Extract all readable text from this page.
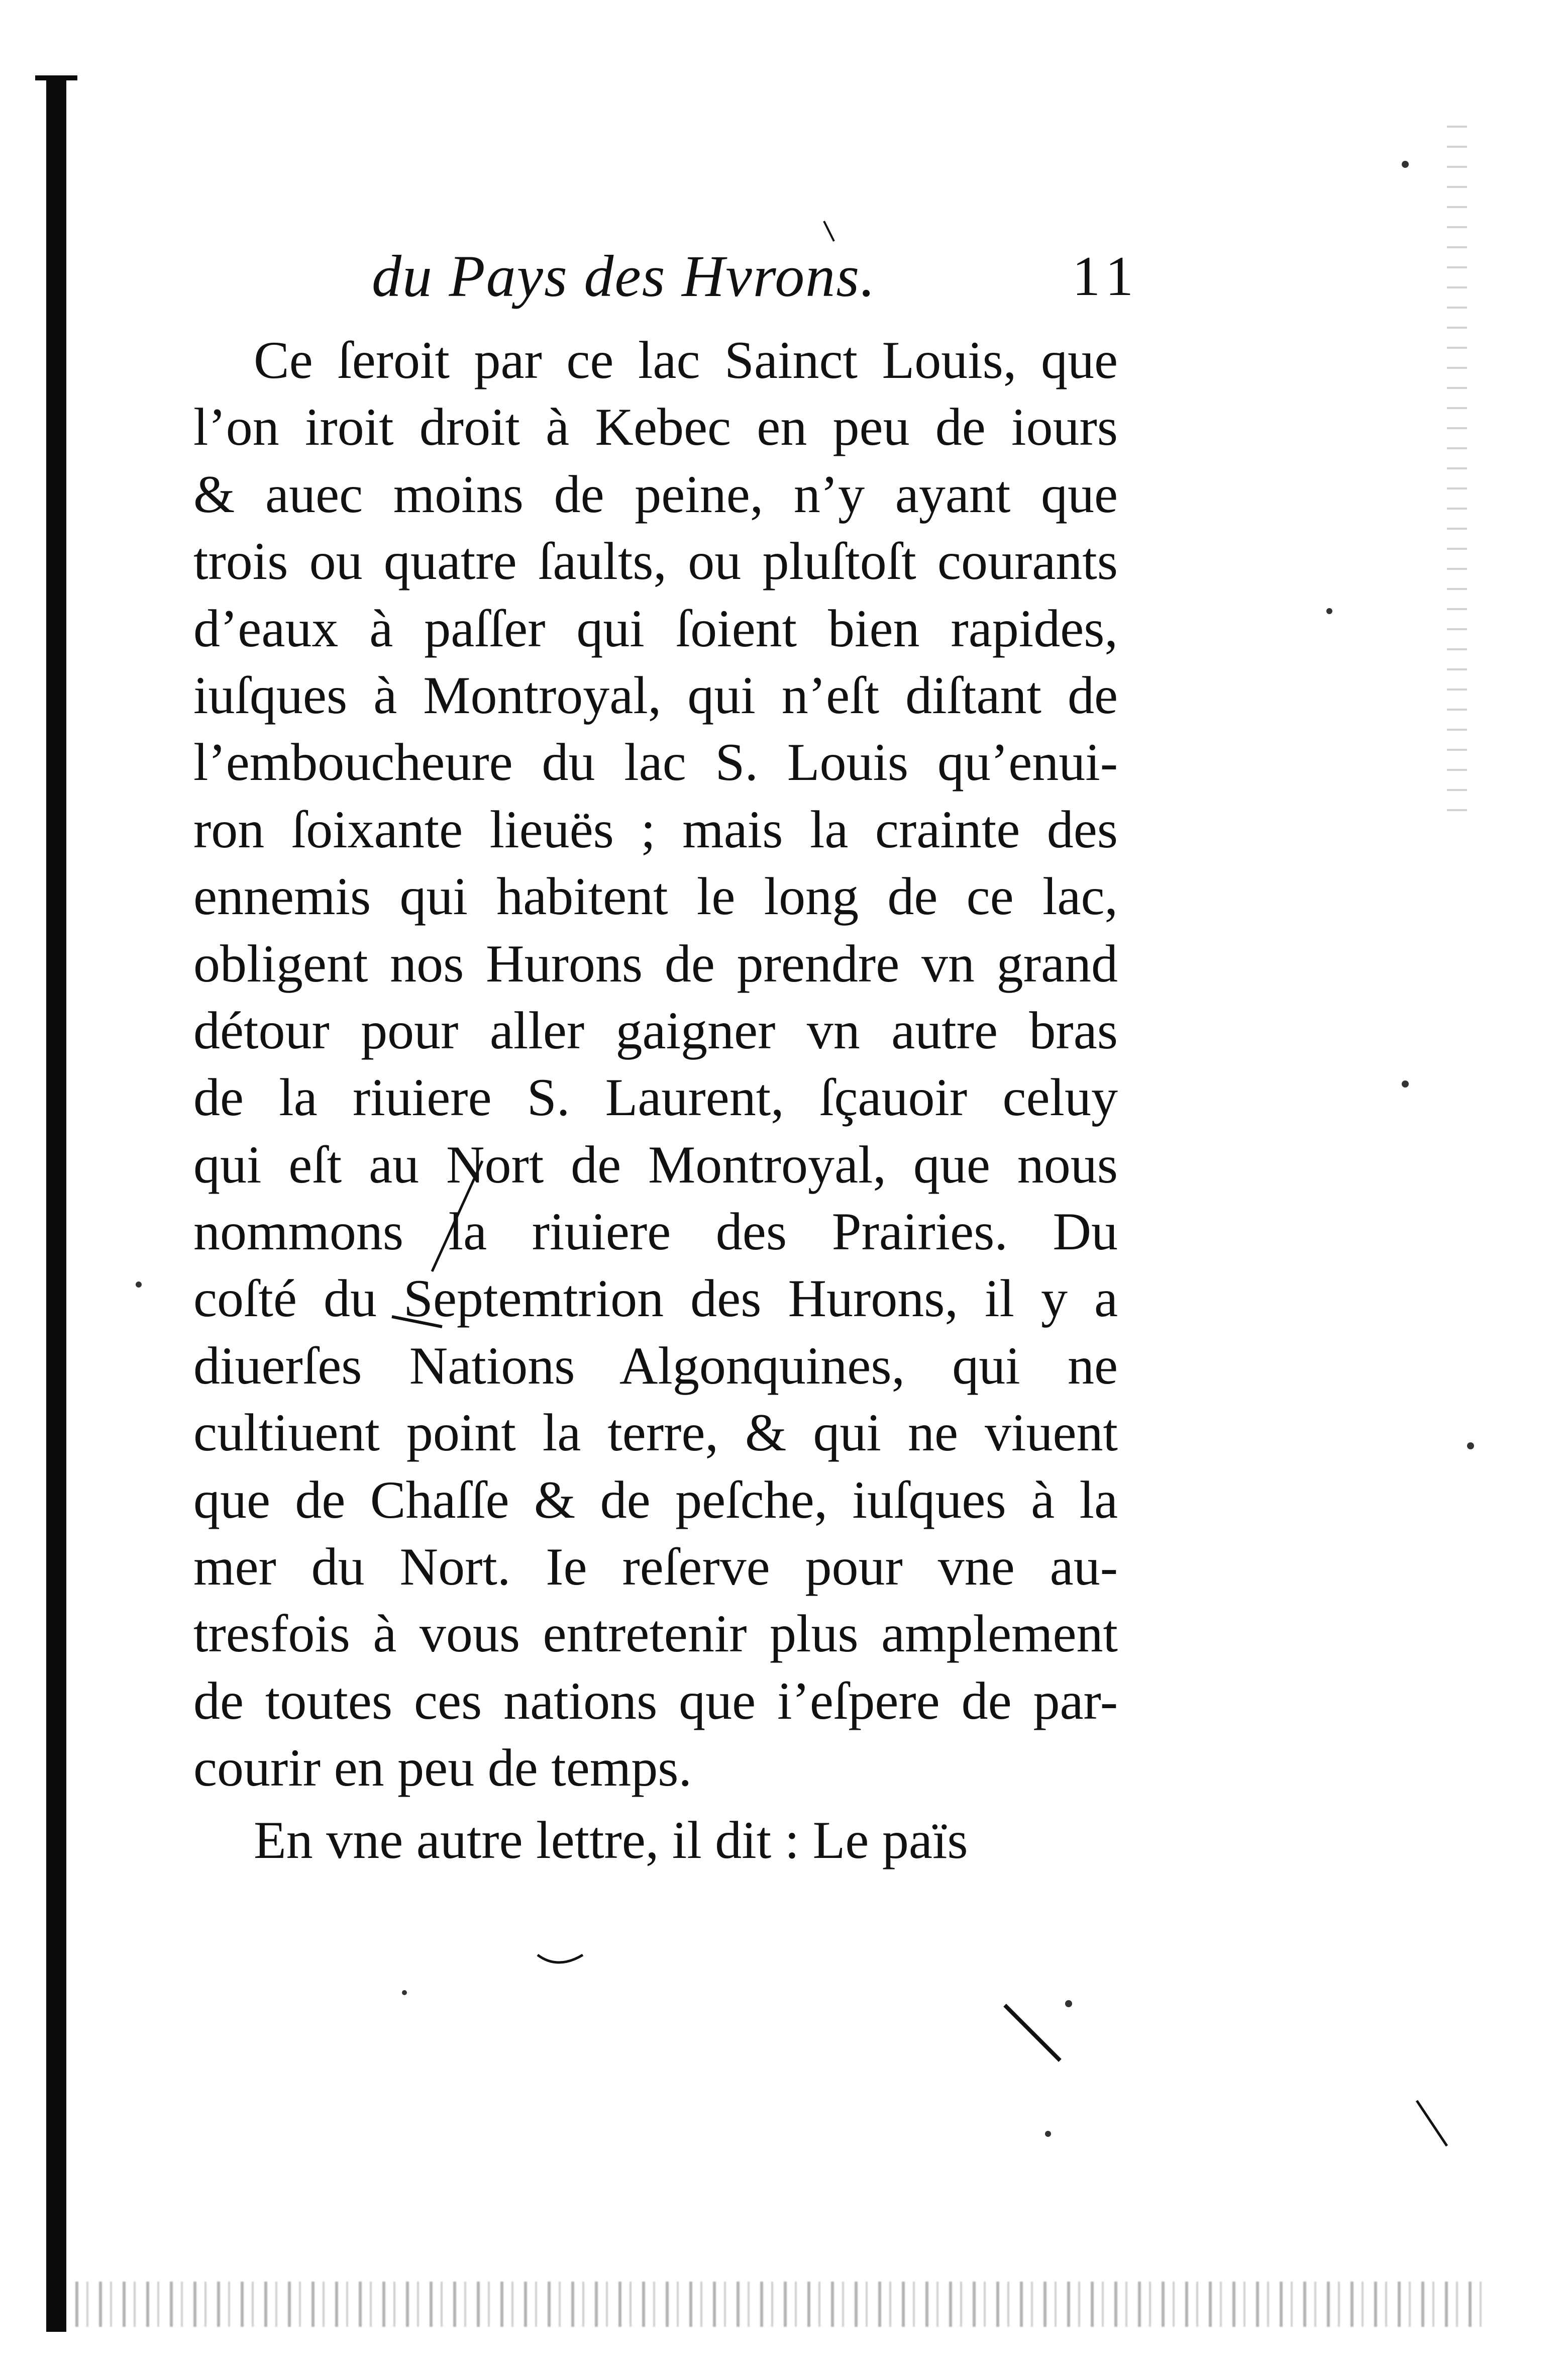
du Pays des Hvrons.	11
Ce ſeroit par ce lac Sainct Louis, que
l’on iroit droit à Kebec en peu de iours
& auec moins de peine, n’y ayant que
trois ou quatre ſaults, ou pluſtoſt courants
d’eaux à paſſer qui ſoient bien rapides,
iuſques à Montroyal, qui n’eſt diſtant de
l’emboucheure du lac S. Louis qu’enui-
ron ſoixante lieuës ; mais la crainte des
ennemis qui habitent le long de ce lac,
obligent nos Hurons de prendre vn grand
détour pour aller gaigner vn autre bras
de la riuiere S. Laurent, ſçauoir celuy
qui eſt au Nort de Montroyal, que nous
nommons la riuiere des Prairies. Du
coſté du Septemtrion des Hurons, il y a
diuerſes Nations Algonquines, qui ne
cultiuent point la terre, & qui ne viuent
que de Chaſſe & de peſche, iuſques à la
mer du Nort. Ie reſerve pour vne au-
tresfois à vous entretenir plus amplement
de toutes ces nations que i’eſpere de par-
courir en peu de temps.
En vne autre lettre, il dit : Le païs
